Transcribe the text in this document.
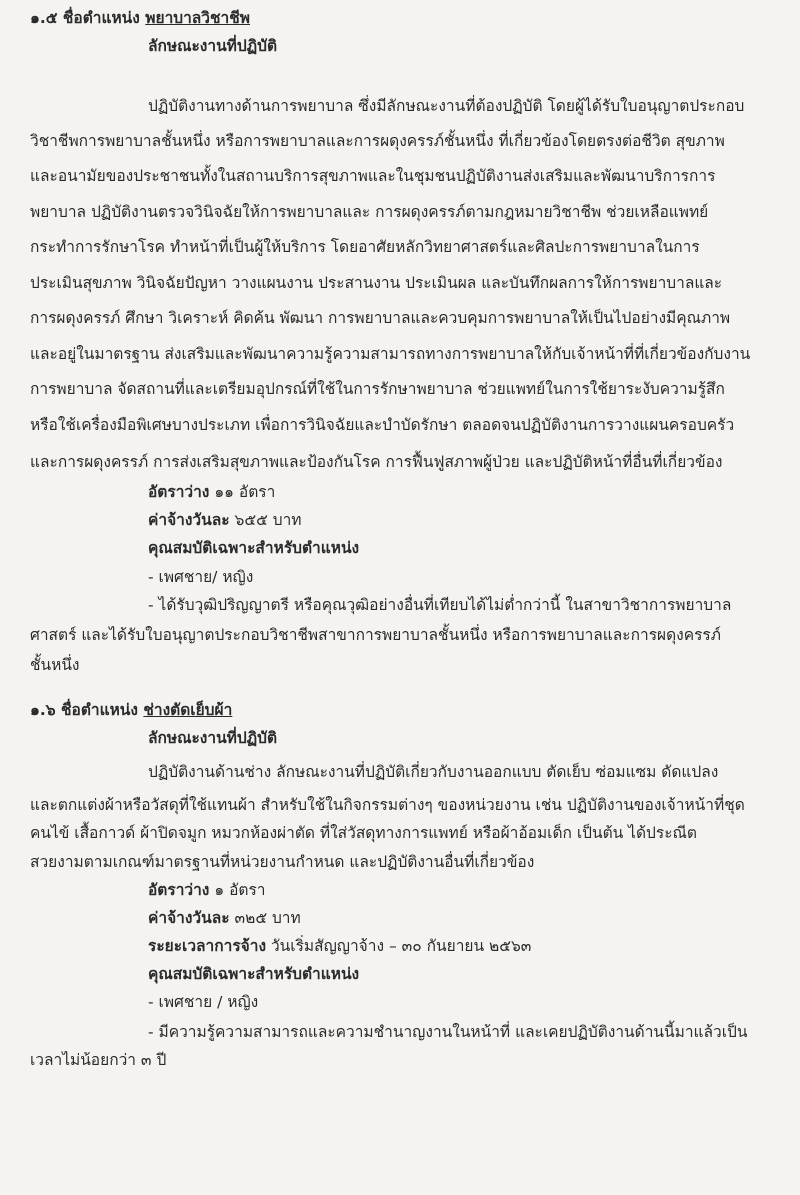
๑.๕ ชื่อตำแหน่ง พยาบาลวิชาชีพ
ลักษณะงานที่ปฏิบัติ
ปฏิบัติงานทางด้านการพยาบาล ซึ่งมีลักษณะงานที่ต้องปฏิบัติ โดยผู้ได้รับใบอนุญาตประกอบ
วิชาชีพการพยาบาลชั้นหนึ่ง หรือการพยาบาลและการผดุงครรภ์ชั้นหนึ่ง ที่เกี่ยวข้องโดยตรงต่อชีวิต สุขภาพ
และอนามัยของประชาชนทั้งในสถานบริการสุขภาพและในชุมชนปฏิบัติงานส่งเสริมและพัฒนาบริการการ
พยาบาล ปฏิบัติงานตรวจวินิจฉัยให้การพยาบาลและ การผดุงครรภ์ตามกฎหมายวิชาชีพ ช่วยเหลือแพทย์
กระทำการรักษาโรค ทำหน้าที่เป็นผู้ให้บริการ โดยอาศัยหลักวิทยาศาสตร์และศิลปะการพยาบาลในการ
ประเมินสุขภาพ วินิจฉัยปัญหา วางแผนงาน ประสานงาน ประเมินผล และบันทึกผลการให้การพยาบาลและ
การผดุงครรภ์ ศึกษา วิเคราะห์ คิดค้น พัฒนา การพยาบาลและควบคุมการพยาบาลให้เป็นไปอย่างมีคุณภาพ
และอยู่ในมาตรฐาน ส่งเสริมและพัฒนาความรู้ความสามารถทางการพยาบาลให้กับเจ้าหน้าที่ที่เกี่ยวข้องกับงาน
การพยาบาล จัดสถานที่และเตรียมอุปกรณ์ที่ใช้ในการรักษาพยาบาล ช่วยแพทย์ในการใช้ยาระงับความรู้สึก
หรือใช้เครื่องมือพิเศษบางประเภท เพื่อการวินิจฉัยและบำบัดรักษา ตลอดจนปฏิบัติงานการวางแผนครอบครัว
และการผดุงครรภ์ การส่งเสริมสุขภาพและป้องกันโรค การฟื้นฟูสภาพผู้ป่วย และปฏิบัติหน้าที่อื่นที่เกี่ยวข้อง
อัตราว่าง ๑๑ อัตรา
ค่าจ้างวันละ ๖๕๕ บาท
คุณสมบัติเฉพาะสำหรับตำแหน่ง
- เพศชาย/ หญิง
- ได้รับวุฒิปริญญาตรี หรือคุณวุฒิอย่างอื่นที่เทียบได้ไม่ต่ำกว่านี้ ในสาขาวิชาการพยาบาล
ศาสตร์ และได้รับใบอนุญาตประกอบวิชาชีพสาขาการพยาบาลชั้นหนึ่ง หรือการพยาบาลและการผดุงครรภ์
ชั้นหนึ่ง
๑.๖ ชื่อตำแหน่ง ช่างตัดเย็บผ้า
ลักษณะงานที่ปฏิบัติ
ปฏิบัติงานด้านช่าง ลักษณะงานที่ปฏิบัติเกี่ยวกับงานออกแบบ ตัดเย็บ ซ่อมแซม ดัดแปลง
และตกแต่งผ้าหรือวัสดุที่ใช้แทนผ้า สำหรับใช้ในกิจกรรมต่างๆ ของหน่วยงาน เช่น ปฏิบัติงานของเจ้าหน้าที่ชุด
คนไข้ เสื้อกาวด์ ผ้าปิดจมูก หมวกห้องผ่าตัด ที่ใส่วัสดุทางการแพทย์ หรือผ้าอ้อมเด็ก เป็นต้น ได้ประณีต
สวยงามตามเกณฑ์มาตรฐานที่หน่วยงานกำหนด และปฏิบัติงานอื่นที่เกี่ยวข้อง
อัตราว่าง ๑ อัตรา
ค่าจ้างวันละ ๓๒๕ บาท
ระยะเวลาการจ้าง วันเริ่มสัญญาจ้าง – ๓๐ กันยายน ๒๕๖๓
คุณสมบัติเฉพาะสำหรับตำแหน่ง
- เพศชาย / หญิง
- มีความรู้ความสามารถและความชำนาญงานในหน้าที่ และเคยปฏิบัติงานด้านนี้มาแล้วเป็น
เวลาไม่น้อยกว่า ๓ ปี
